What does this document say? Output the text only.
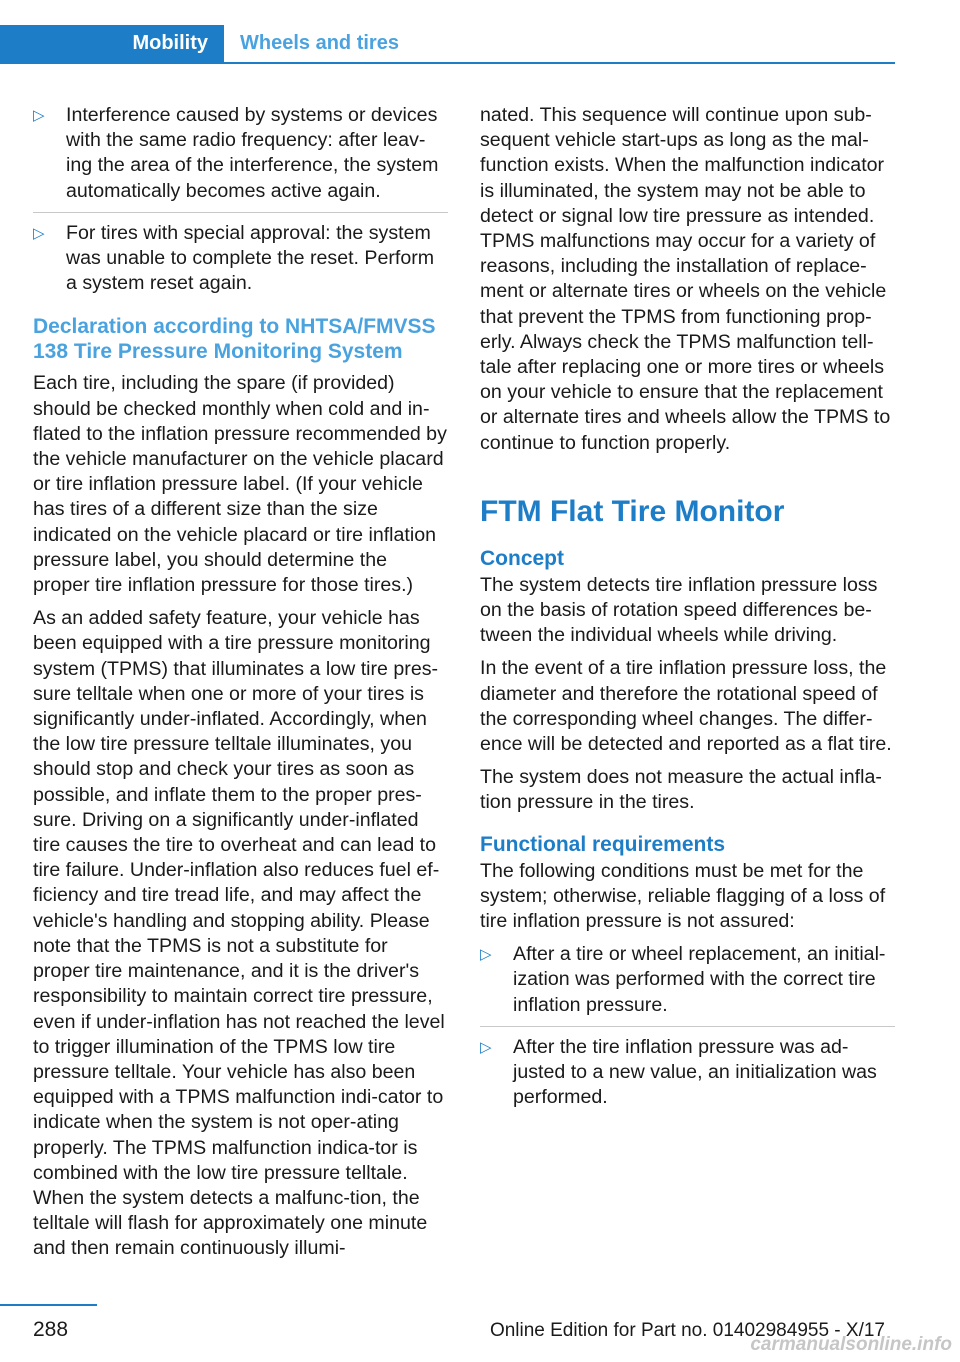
Mobility	Wheels and tires
▷ Interference caused by systems or devices with the same radio frequency: after leav‐ing the area of the interference, the system automatically becomes active again.
▷ For tires with special approval: the system was unable to complete the reset. Perform a system reset again.
Declaration according to NHTSA/FMVSS 138 Tire Pressure Monitoring System

Each tire, including the spare (if provided) should be checked monthly when cold and in‐flated to the inflation pressure recommended by the vehicle manufacturer on the vehicle placard or tire inflation pressure label. (If your vehicle has tires of a different size than the size indicated on the vehicle placard or tire inflation pressure label, you should determine the proper tire inflation pressure for those tires.)

As an added safety feature, your vehicle has been equipped with a tire pressure monitoring system (TPMS) that illuminates a low tire pres‐sure telltale when one or more of your tires is significantly under-inflated. Accordingly, when the low tire pressure telltale illuminates, you should stop and check your tires as soon as possible, and inflate them to the proper pres‐sure. Driving on a significantly under-inflated tire causes the tire to overheat and can lead to tire failure. Under-inflation also reduces fuel ef‐ficiency and tire tread life, and may affect the vehicle's handling and stopping ability. Please note that the TPMS is not a substitute for proper tire maintenance, and it is the driver's responsibility to maintain correct tire pressure, even if under-inflation has not reached the level to trigger illumination of the TPMS low tire pressure telltale. Your vehicle has also been equipped with a TPMS malfunction indi‐cator to indicate when the system is not oper‐ating properly. The TPMS malfunction indica‐tor is combined with the low tire pressure telltale. When the system detects a malfunc‐tion, the telltale will flash for approximately one minute and then remain continuously illumi‐

nated. This sequence will continue upon sub‐sequent vehicle start-ups as long as the mal‐function exists. When the malfunction indicator is illuminated, the system may not be able to detect or signal low tire pressure as intended. TPMS malfunctions may occur for a variety of reasons, including the installation of replace‐ment or alternate tires or wheels on the vehicle that prevent the TPMS from functioning prop‐erly. Always check the TPMS malfunction tell‐tale after replacing one or more tires or wheels on your vehicle to ensure that the replacement or alternate tires and wheels allow the TPMS to continue to function properly.

FTM Flat Tire Monitor
Concept

The system detects tire inflation pressure loss on the basis of rotation speed differences be‐tween the individual wheels while driving.

In the event of a tire inflation pressure loss, the diameter and therefore the rotational speed of the corresponding wheel changes. The differ‐ence will be detected and reported as a flat tire.

The system does not measure the actual infla‐tion pressure in the tires.

Functional requirements

The following conditions must be met for the system; otherwise, reliable flagging of a loss of tire inflation pressure is not assured:

▷ After a tire or wheel replacement, an initial‐ization was performed with the correct tire inflation pressure.
▷ After the tire inflation pressure was ad‐justed to a new value, an initialization was performed.
288	Online Edition for Part no. 01402984955 - X/17
carmanualsonline.info
